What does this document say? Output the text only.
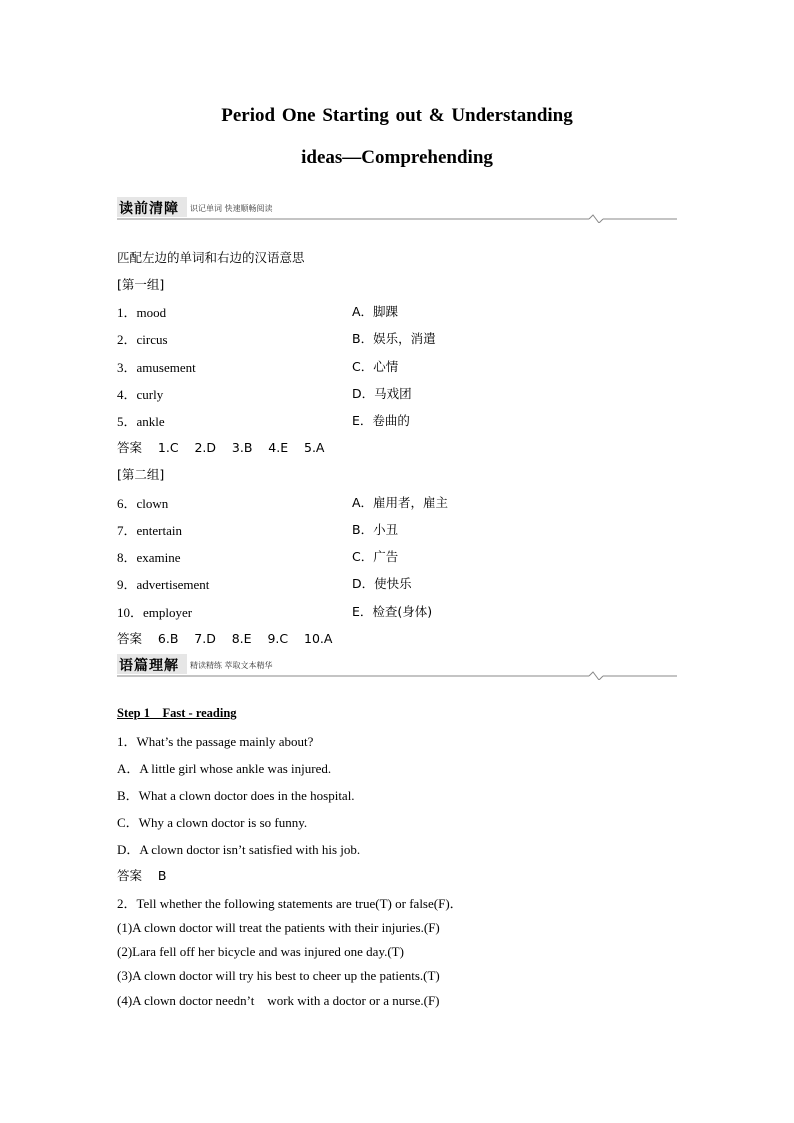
Period One Starting out & Understanding
ideas—Comprehending
读前清障 识记单词 快速顺畅阅读
匹配左边的单词和右边的汉语意思
[第一组]
1．mood	A．脚踝
2．circus	B．娱乐，消遣
3．amusement	C．心情
4．curly	D．马戏团
5．ankle	E．卷曲的
答案    1.C    2.D    3.B    4.E    5.A
[第二组]
6．clown	A．雇用者，雇主
7．entertain	B．小丑
8．examine	C．广告
9．advertisement	D．使快乐
10．employer	E．检查(身体)
答案    6.B    7.D    8.E    9.C    10.A
语篇理解 精读精练 萃取文本精华
Step 1    Fast - reading
1．What’s the passage mainly about?
A．A little girl whose ankle was injured.
B．What a clown doctor does in the hospital.
C．Why a clown doctor is so funny.
D．A clown doctor isn’t satisfied with his job.
答案    B
2．Tell whether the following statements are true(T) or false(F)．
(1)A clown doctor will treat the patients with their injuries.(F)
(2)Lara fell off her bicycle and was injured one day.(T)
(3)A clown doctor will try his best to cheer up the patients.(T)
(4)A clown doctor needn’t    work with a doctor or a nurse.(F)
